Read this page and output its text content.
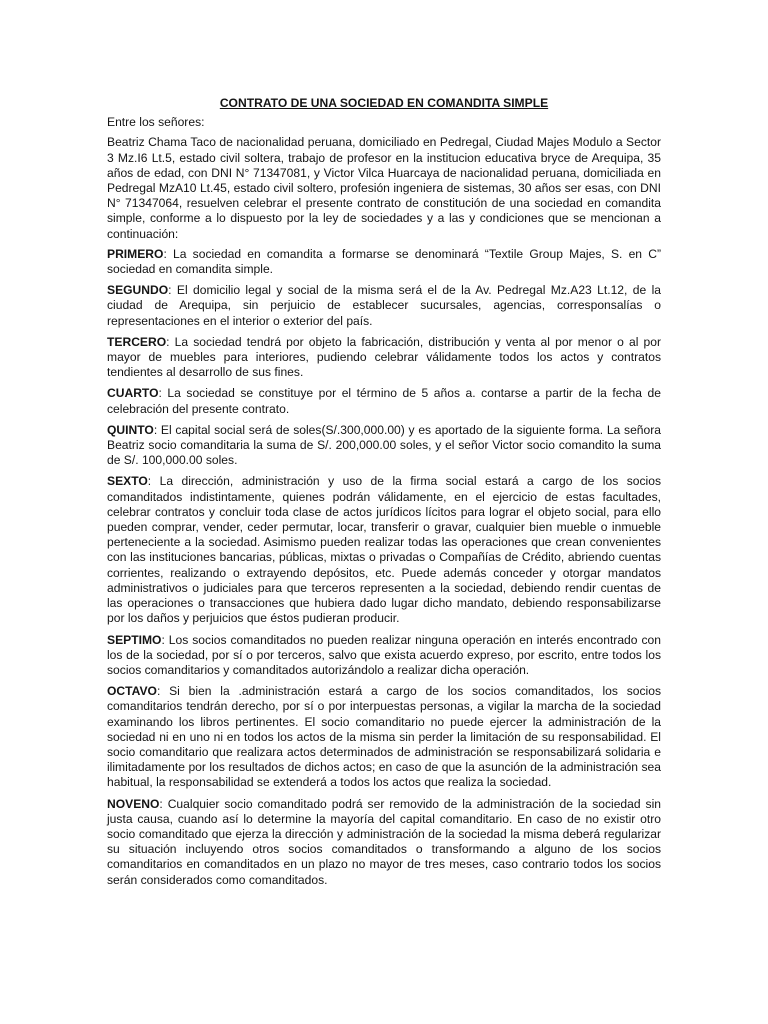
CONTRATO DE UNA SOCIEDAD EN COMANDITA SIMPLE
Entre los señores:
Beatriz Chama Taco de nacionalidad peruana, domiciliado en Pedregal, Ciudad Majes Modulo a Sector 3 Mz.I6 Lt.5, estado civil soltera, trabajo de profesor en la institucion educativa bryce de Arequipa, 35 años de edad, con DNI N° 71347081, y Victor Vilca Huarcaya de nacionalidad peruana, domiciliada en Pedregal MzA10 Lt.45, estado civil soltero, profesión ingeniera de sistemas, 30 años ser esas, con DNI N° 71347064, resuelven celebrar el presente contrato de constitución de una sociedad en comandita simple, conforme a lo dispuesto por la ley de sociedades y a las y condiciones que se mencionan a continuación:
PRIMERO: La sociedad en comandita a formarse se denominará “Textile Group Majes, S. en C” sociedad en comandita simple.
SEGUNDO: El domicilio legal y social de la misma será el de la Av. Pedregal Mz.A23 Lt.12, de la ciudad de Arequipa, sin perjuicio de establecer sucursales, agencias, corresponsalías o representaciones en el interior o exterior del país.
TERCERO: La sociedad tendrá por objeto la fabricación, distribución y venta al por menor o al por mayor de muebles para interiores, pudiendo celebrar válidamente todos los actos y contratos tendientes al desarrollo de sus fines.
CUARTO: La sociedad se constituye por el término de 5 años a. contarse a partir de la fecha de celebración del presente contrato.
QUINTO: El capital social será de soles(S/.300,000.00) y es aportado de la siguiente forma. La señora Beatriz socio comanditaria la suma de S/. 200,000.00 soles, y el señor Victor socio comandito la suma de S/. 100,000.00 soles.
SEXTO: La dirección, administración y uso de la firma social estará a cargo de los socios comanditados indistintamente, quienes podrán válidamente, en el ejercicio de estas facultades, celebrar contratos y concluir toda clase de actos jurídicos lícitos para lograr el objeto social, para ello pueden comprar, vender, ceder permutar, locar, transferir o gravar, cualquier bien mueble o inmueble perteneciente a la sociedad. Asimismo pueden realizar todas las operaciones que crean convenientes con las instituciones bancarias, públicas, mixtas o privadas o Compañías de Crédito, abriendo cuentas corrientes, realizando o extrayendo depósitos, etc. Puede además conceder y otorgar mandatos administrativos o judiciales para que terceros representen a la sociedad, debiendo rendir cuentas de las operaciones o transacciones que hubiera dado lugar dicho mandato, debiendo responsabilizarse por los daños y perjuicios que éstos pudieran producir.
SEPTIMO: Los socios comanditados no pueden realizar ninguna operación en interés encontrado con los de la sociedad, por sí o por terceros, salvo que exista acuerdo expreso, por escrito, entre todos los socios comanditarios y comanditados autorizándolo a realizar dicha operación.
OCTAVO: Si bien la .administración estará a cargo de los socios comanditados, los socios comanditarios tendrán derecho, por sí o por interpuestas personas, a vigilar la marcha de la sociedad examinando los libros pertinentes. El socio comanditario no puede ejercer la administración de la sociedad ni en uno ni en todos los actos de la misma sin perder la limitación de su responsabilidad. El socio comanditario que realizara actos determinados de administración se responsabilizará solidaria e ilimitadamente por los resultados de dichos actos; en caso de que la asunción de la administración sea habitual, la responsabilidad se extenderá a todos los actos que realiza la sociedad.
NOVENO: Cualquier socio comanditado podrá ser removido de la administración de la sociedad sin justa causa, cuando así lo determine la mayoría del capital comanditario. En caso de no existir otro socio comanditado que ejerza la dirección y administración de la sociedad la misma deberá regularizar su situación incluyendo otros socios comanditados o transformando a alguno de los socios comanditarios en comanditados en un plazo no mayor de tres meses, caso contrario todos los socios serán considerados como comanditados.
